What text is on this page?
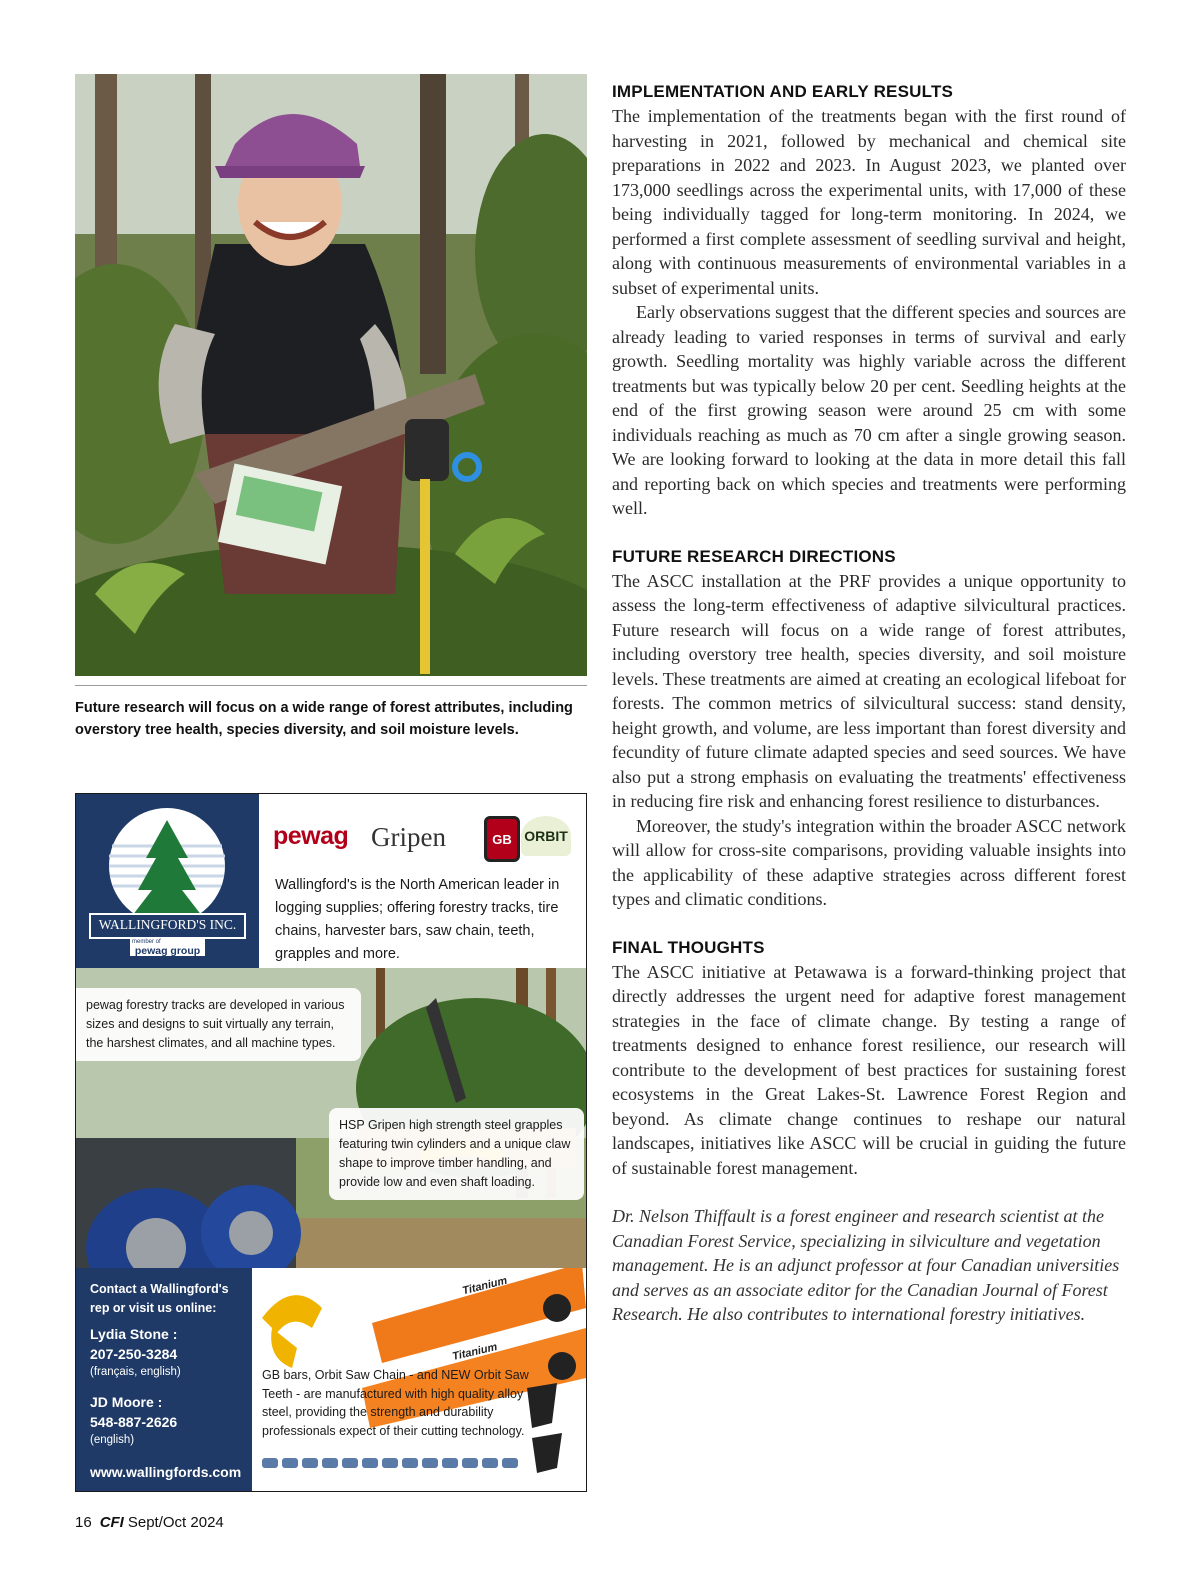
Future research will focus on a wide range of forest attributes, including overstory tree health, species diversity, and soil moisture levels.
WALLINGFORD'S INC.
member of
pewag group
pewag Gripen	GB ORBIT
Wallingford's is the North American leader in logging supplies; offering forestry tracks, tire chains, harvester bars, saw chain, teeth, grapples and more.
pewag forestry tracks are developed in various sizes and designs to suit virtually any terrain, the harshest climates, and all machine types.
HSP Gripen high strength steel grapples featuring twin cylinders and a unique claw shape to improve timber handling, and provide low and even shaft loading.
Contact a Wallingford's rep or visit us online:
Lydia Stone :
207-250-3284
(français, english)
JD Moore :
548-887-2626
(english)
www.wallingfords.com
Titanium
Titanium
GB bars, Orbit Saw Chain - and NEW Orbit Saw Teeth - are manufactured with high quality alloy steel, providing the strength and durability professionals expect of their cutting technology.
IMPLEMENTATION AND EARLY RESULTS

The implementation of the treatments began with the first round of harvesting in 2021, followed by mechanical and chemical site preparations in 2022 and 2023. In August 2023, we planted over 173,000 seedlings across the experimental units, with 17,000 of these being individually tagged for long-term monitoring. In 2024, we performed a first complete assessment of seedling survival and height, along with continuous measurements of environmental variables in a subset of experimental units.

Early observations suggest that the different species and sources are already leading to varied responses in terms of survival and early growth. Seedling mortality was highly variable across the different treatments but was typically below 20 per cent. Seedling heights at the end of the first growing season were around 25 cm with some individuals reaching as much as 70 cm after a single growing season. We are looking forward to looking at the data in more detail this fall and reporting back on which species and treatments were performing well.

FUTURE RESEARCH DIRECTIONS

The ASCC installation at the PRF provides a unique opportunity to assess the long-term effectiveness of adaptive silvicultural practices. Future research will focus on a wide range of forest attributes, including overstory tree health, species diversity, and soil moisture levels. These treatments are aimed at creating an ecological lifeboat for forests. The common metrics of silvicultural success: stand density, height growth, and volume, are less important than forest diversity and fecundity of future climate adapted species and seed sources. We have also put a strong emphasis on evaluating the treatments' effectiveness in reducing fire risk and enhancing forest resilience to disturbances.

Moreover, the study's integration within the broader ASCC network will allow for cross-site comparisons, providing valuable insights into the applicability of these adaptive strategies across different forest types and climatic conditions.

FINAL THOUGHTS

The ASCC initiative at Petawawa is a forward-thinking project that directly addresses the urgent need for adaptive forest management strategies in the face of climate change. By testing a range of treatments designed to enhance forest resilience, our research will contribute to the development of best practices for sustaining forest ecosystems in the Great Lakes-St. Lawrence Forest Region and beyond. As climate change continues to reshape our natural landscapes, initiatives like ASCC will be crucial in guiding the future of sustainable forest management.

Dr. Nelson Thiffault is a forest engineer and research scientist at the Canadian Forest Service, specializing in silviculture and vegetation management. He is an adjunct professor at four Canadian universities and serves as an associate editor for the Canadian Journal of Forest Research. He also contributes to international forestry initiatives.

16 CFI Sept/Oct 2024
